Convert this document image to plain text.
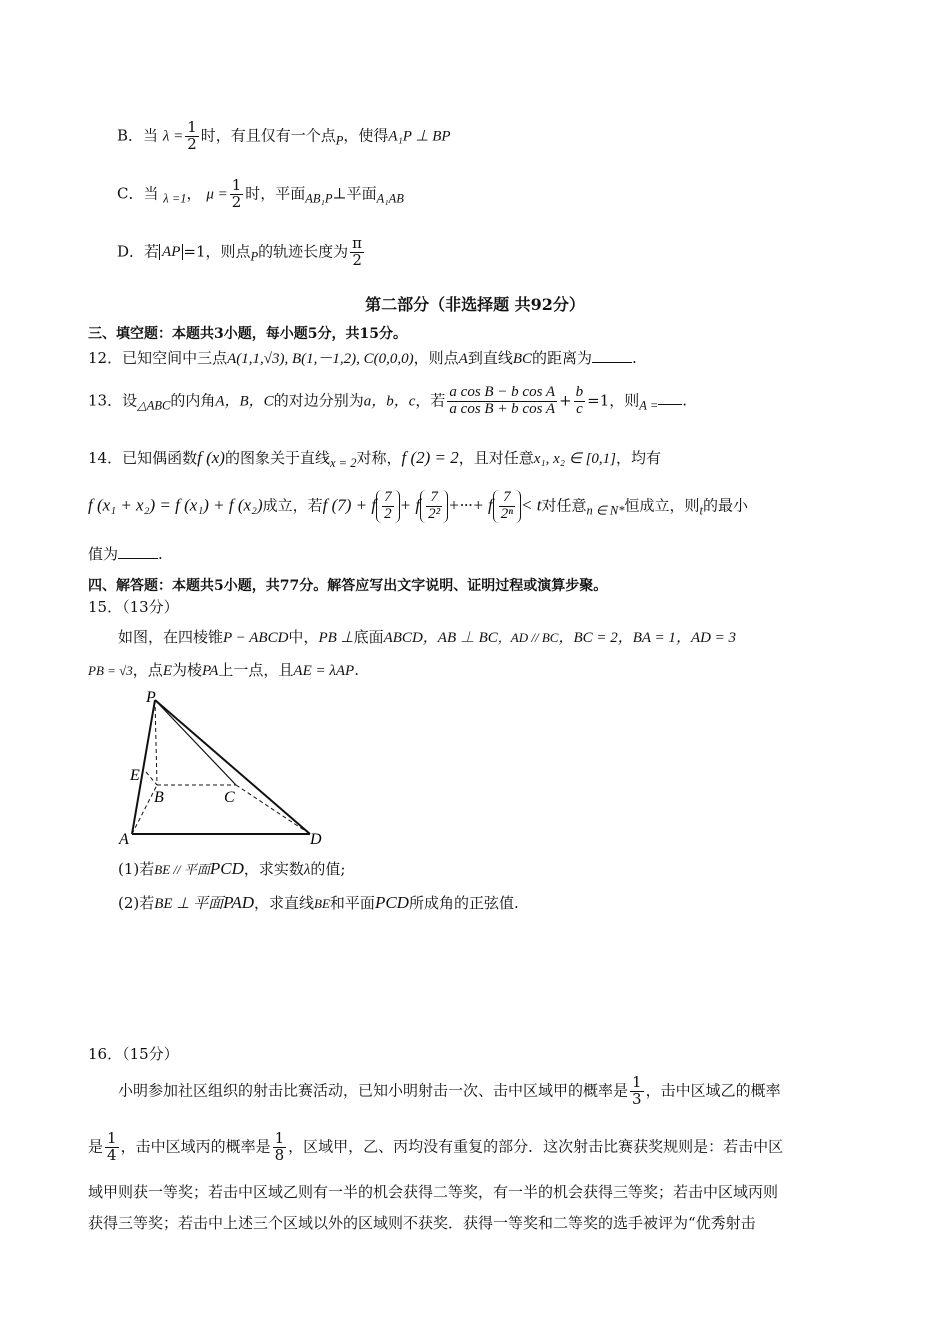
B．当 $\lambda = \frac{1}{2}$ 时，有且仅有一个点$_P$，使得A₁P ⊥ BP
C．当 $_{\lambda =1}$， $\mu = \frac{1}{2}$ 时，平面$_{AB_1P}$⊥平面$_{A_1AB}$
D．若 AP =1，则点$_P$的轨迹长度为 $\frac{\pi}{2}$
第二部分（非选择题 共92分）
三、填空题：本题共3小题，每小题5分，共15分。
12．已知空间中三点A(1,1,√3), B(1,－1,2), C(0,0,0)，则点A到直线BC的距离为	.
13．设$_{\triangle ABC}$的内角A，B，C的对边分别为a，b，c，若 $\frac{\text{a cos B − b cos A}}{\text{a cos B + b cos A}} + \frac{b}{c} =1$，则$_{A =}$ .
14．已知偶函数f (x)的图象关于直线$_{x = 2}$对称，f (2) = 2，且对任意x₁, x₂ ∈ [0,1]，均有
f (x₁ + x₂) = f (x₁) + f (x₂)成立，若f (7) + f $\frac{7}{2} + f \frac{7}{\text{2²}}$ +···+ f $\frac{7}{\text{2ⁿ}} < t$对任意$_{n \in N*}$恒成立，则$_t$的最小
值为	.
四、解答题：本题共5小题，共77分。解答应写出文字说明、证明过程或演算步聚。
15．（13分）
如图，在四棱锥P − ABCD中，PB ⊥底面ABCD，AB ⊥ BC，AD // BC，BC = 2，BA = 1，AD = 3
PB = √3，点E为棱PA上一点，且AE = λAP.
P
E
B	C
A	D
(1)若BE // 平面PCD，求实数λ的值;
(2)若BE ⊥ 平面PAD，求直线BE和平面PCD所成角的正弦值.
16．（15分）
小明参加社区组织的射击比赛活动，已知小明射击一次、击中区域甲的概率是 $\frac{1}{3}$ ，击中区域乙的概率
是 $\frac{1}{4}$ ，击中区域丙的概率是 $\frac{1}{8}$ ，区域甲，乙、丙均没有重复的部分．这次射击比赛获奖规则是：若击中区
域甲则获一等奖；若击中区域乙则有一半的机会获得二等奖，有一半的机会获得三等奖；若击中区域丙则
获得三等奖；若击中上述三个区域以外的区域则不获奖．获得一等奖和二等奖的选手被评为“优秀射击
